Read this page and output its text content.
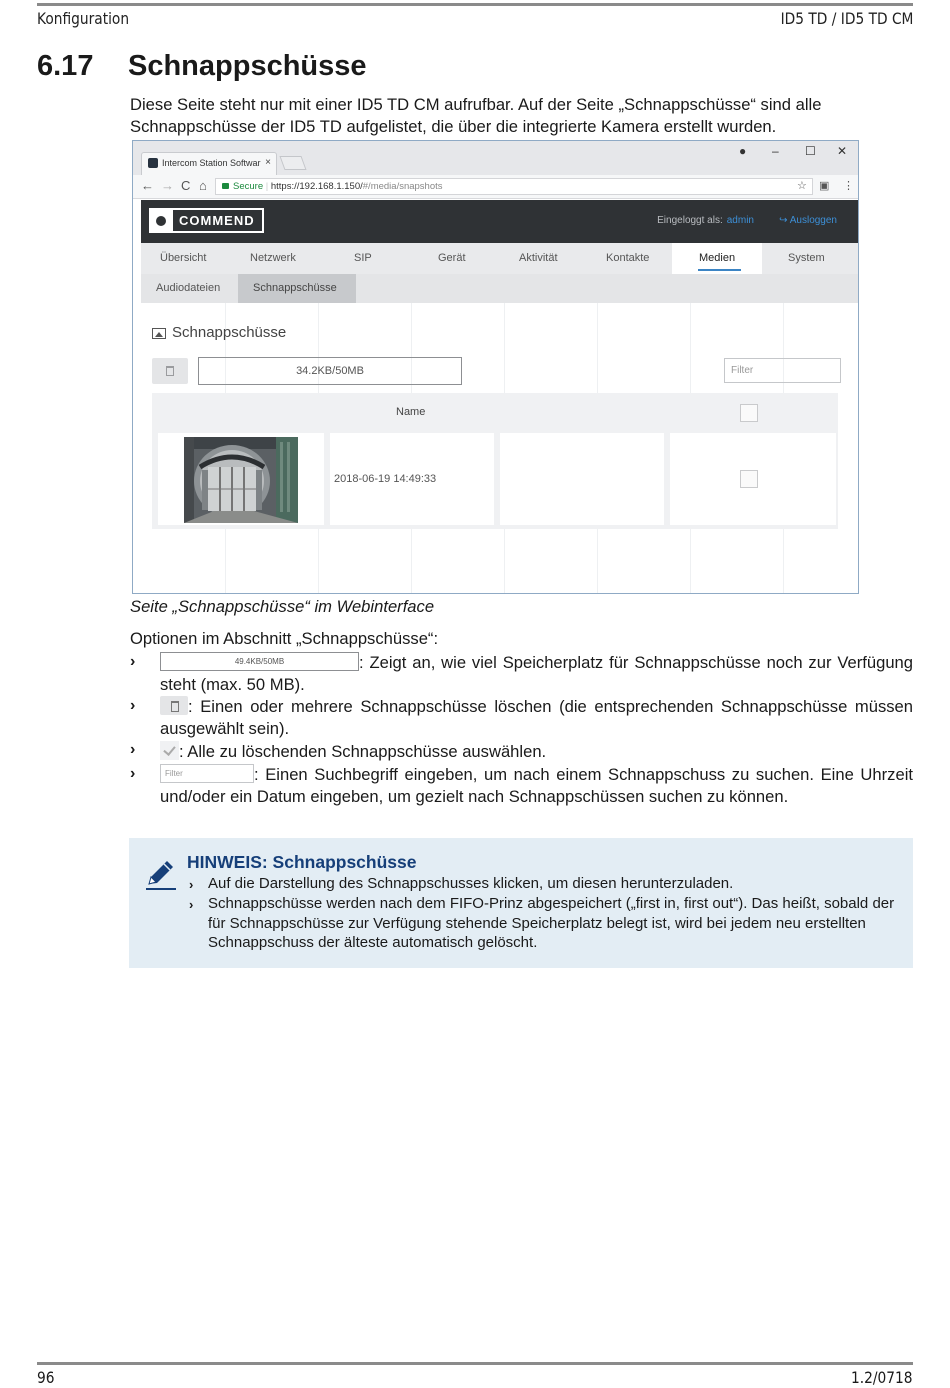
Konfiguration	ID5 TD / ID5 TD CM
6.17 Schnappschüsse
Diese Seite steht nur mit einer ID5 TD CM aufrufbar. Auf der Seite „Schnappschüsse“ sind alle Schnappschüsse der ID5 TD aufgelistet, die über die integrierte Kamera erstellt wurden.
Intercom Station Softwar ×
● – ☐ ✕
← → C ⌂	Secure | https://192.168.1.150/#/media/snapshots	☆ ▣ ⋮
COMMEND	Eingeloggt als: admin	↪ Ausloggen
Übersicht	Netzwerk	SIP	Gerät	Aktivität	Kontakte	Medien	System
Audiodateien	Schnappschüsse
Schnappschüsse
34.2KB/50MB	Filter
Name
2018-06-19 14:49:33
Seite „Schnappschüsse“ im Webinterface
Optionen im Abschnitt „Schnappschüsse“:
›	49.4KB/50MB	: Zeigt an, wie viel Speicherplatz für Schnappschüsse noch zur Verfügung steht (max. 50 MB).
›	: Einen oder mehrere Schnappschüsse löschen (die entsprechenden Schnappschüsse müssen ausgewählt sein).
›	: Alle zu löschenden Schnappschüsse auswählen.
›	Filter	: Einen Suchbegriff eingeben, um nach einem Schnappschuss zu suchen. Eine Uhrzeit und/oder ein Datum eingeben, um gezielt nach Schnappschüssen suchen zu können.
HINWEIS: Schnappschüsse
› Auf die Darstellung des Schnappschusses klicken, um diesen herunterzuladen.
› Schnappschüsse werden nach dem FIFO-Prinz abgespeichert („first in, first out“). Das heißt, sobald der für Schnappschüsse zur Verfügung stehende Speicherplatz belegt ist, wird bei jedem neu erstellten Schnappschuss der älteste automatisch gelöscht.
96	1.2/0718
